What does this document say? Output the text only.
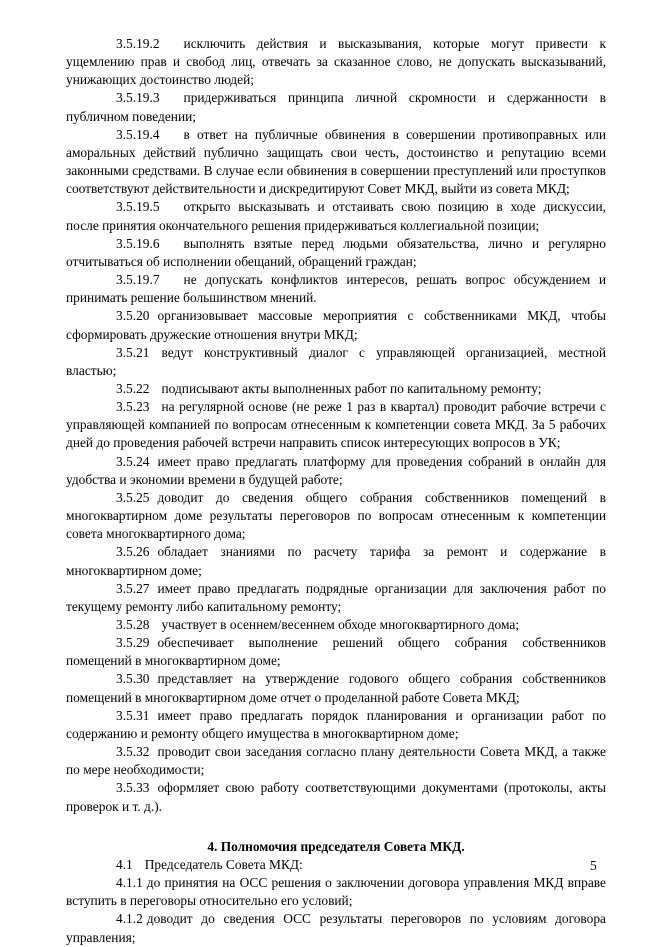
3.5.19.2 исключить действия и высказывания, которые могут привести к ущемлению прав и свобод лиц, отвечать за сказанное слово, не допускать высказываний, унижающих достоинство людей;

3.5.19.3 придерживаться принципа личной скромности и сдержанности в публичном поведении;

3.5.19.4 в ответ на публичные обвинения в совершении противоправных или аморальных действий публично защищать свои честь, достоинство и репутацию всеми законными средствами. В случае если обвинения в совершении преступлений или проступков соответствуют действительности и дискредитируют Совет МКД, выйти из совета МКД;

3.5.19.5 открыто высказывать и отстаивать свою позицию в ходе дискуссии, после принятия окончательного решения придерживаться коллегиальной позиции;

3.5.19.6 выполнять взятые перед людьми обязательства, лично и регулярно отчитываться об исполнении обещаний, обращений граждан;

3.5.19.7 не допускать конфликтов интересов, решать вопрос обсуждением и принимать решение большинством мнений.

3.5.20 организовывает массовые мероприятия с собственниками МКД, чтобы сформировать дружеские отношения внутри МКД;

3.5.21 ведут конструктивный диалог с управляющей организацией, местной властью;

3.5.22 подписывают акты выполненных работ по капитальному ремонту;

3.5.23 на регулярной основе (не реже 1 раз в квартал) проводит рабочие встречи с управляющей компанией по вопросам отнесенным к компетенции совета МКД. За 5 рабочих дней до проведения рабочей встречи направить список интересующих вопросов в УК;

3.5.24 имеет право предлагать платформу для проведения собраний в онлайн для удобства и экономии времени в будущей работе;

3.5.25 доводит до сведения общего собрания собственников помещений в многоквартирном доме результаты переговоров по вопросам отнесенным к компетенции совета многоквартирного дома;

3.5.26 обладает знаниями по расчету тарифа за ремонт и содержание в многоквартирном доме;

3.5.27 имеет право предлагать подрядные организации для заключения работ по текущему ремонту либо капитальному ремонту;

3.5.28 участвует в осеннем/весеннем обходе многоквартирного дома;

3.5.29 обеспечивает выполнение решений общего собрания собственников помещений в многоквартирном доме;

3.5.30 представляет на утверждение годового общего собрания собственников помещений в многоквартирном доме отчет о проделанной работе Совета МКД;

3.5.31 имеет право предлагать порядок планирования и организации работ по содержанию и ремонту общего имущества в многоквартирном доме;

3.5.32 проводит свои заседания согласно плану деятельности Совета МКД, а также по мере необходимости;

3.5.33 оформляет свою работу соответствующими документами (протоколы, акты проверок и т. д.).

4. Полномочия председателя Совета МКД.

4.1 Председатель Совета МКД:

4.1.1 до принятия на ОСС решения о заключении договора управления МКД вправе вступить в переговоры относительно его условий;

4.1.2 доводит до сведения ОСС результаты переговоров по условиям договора управления;

5
